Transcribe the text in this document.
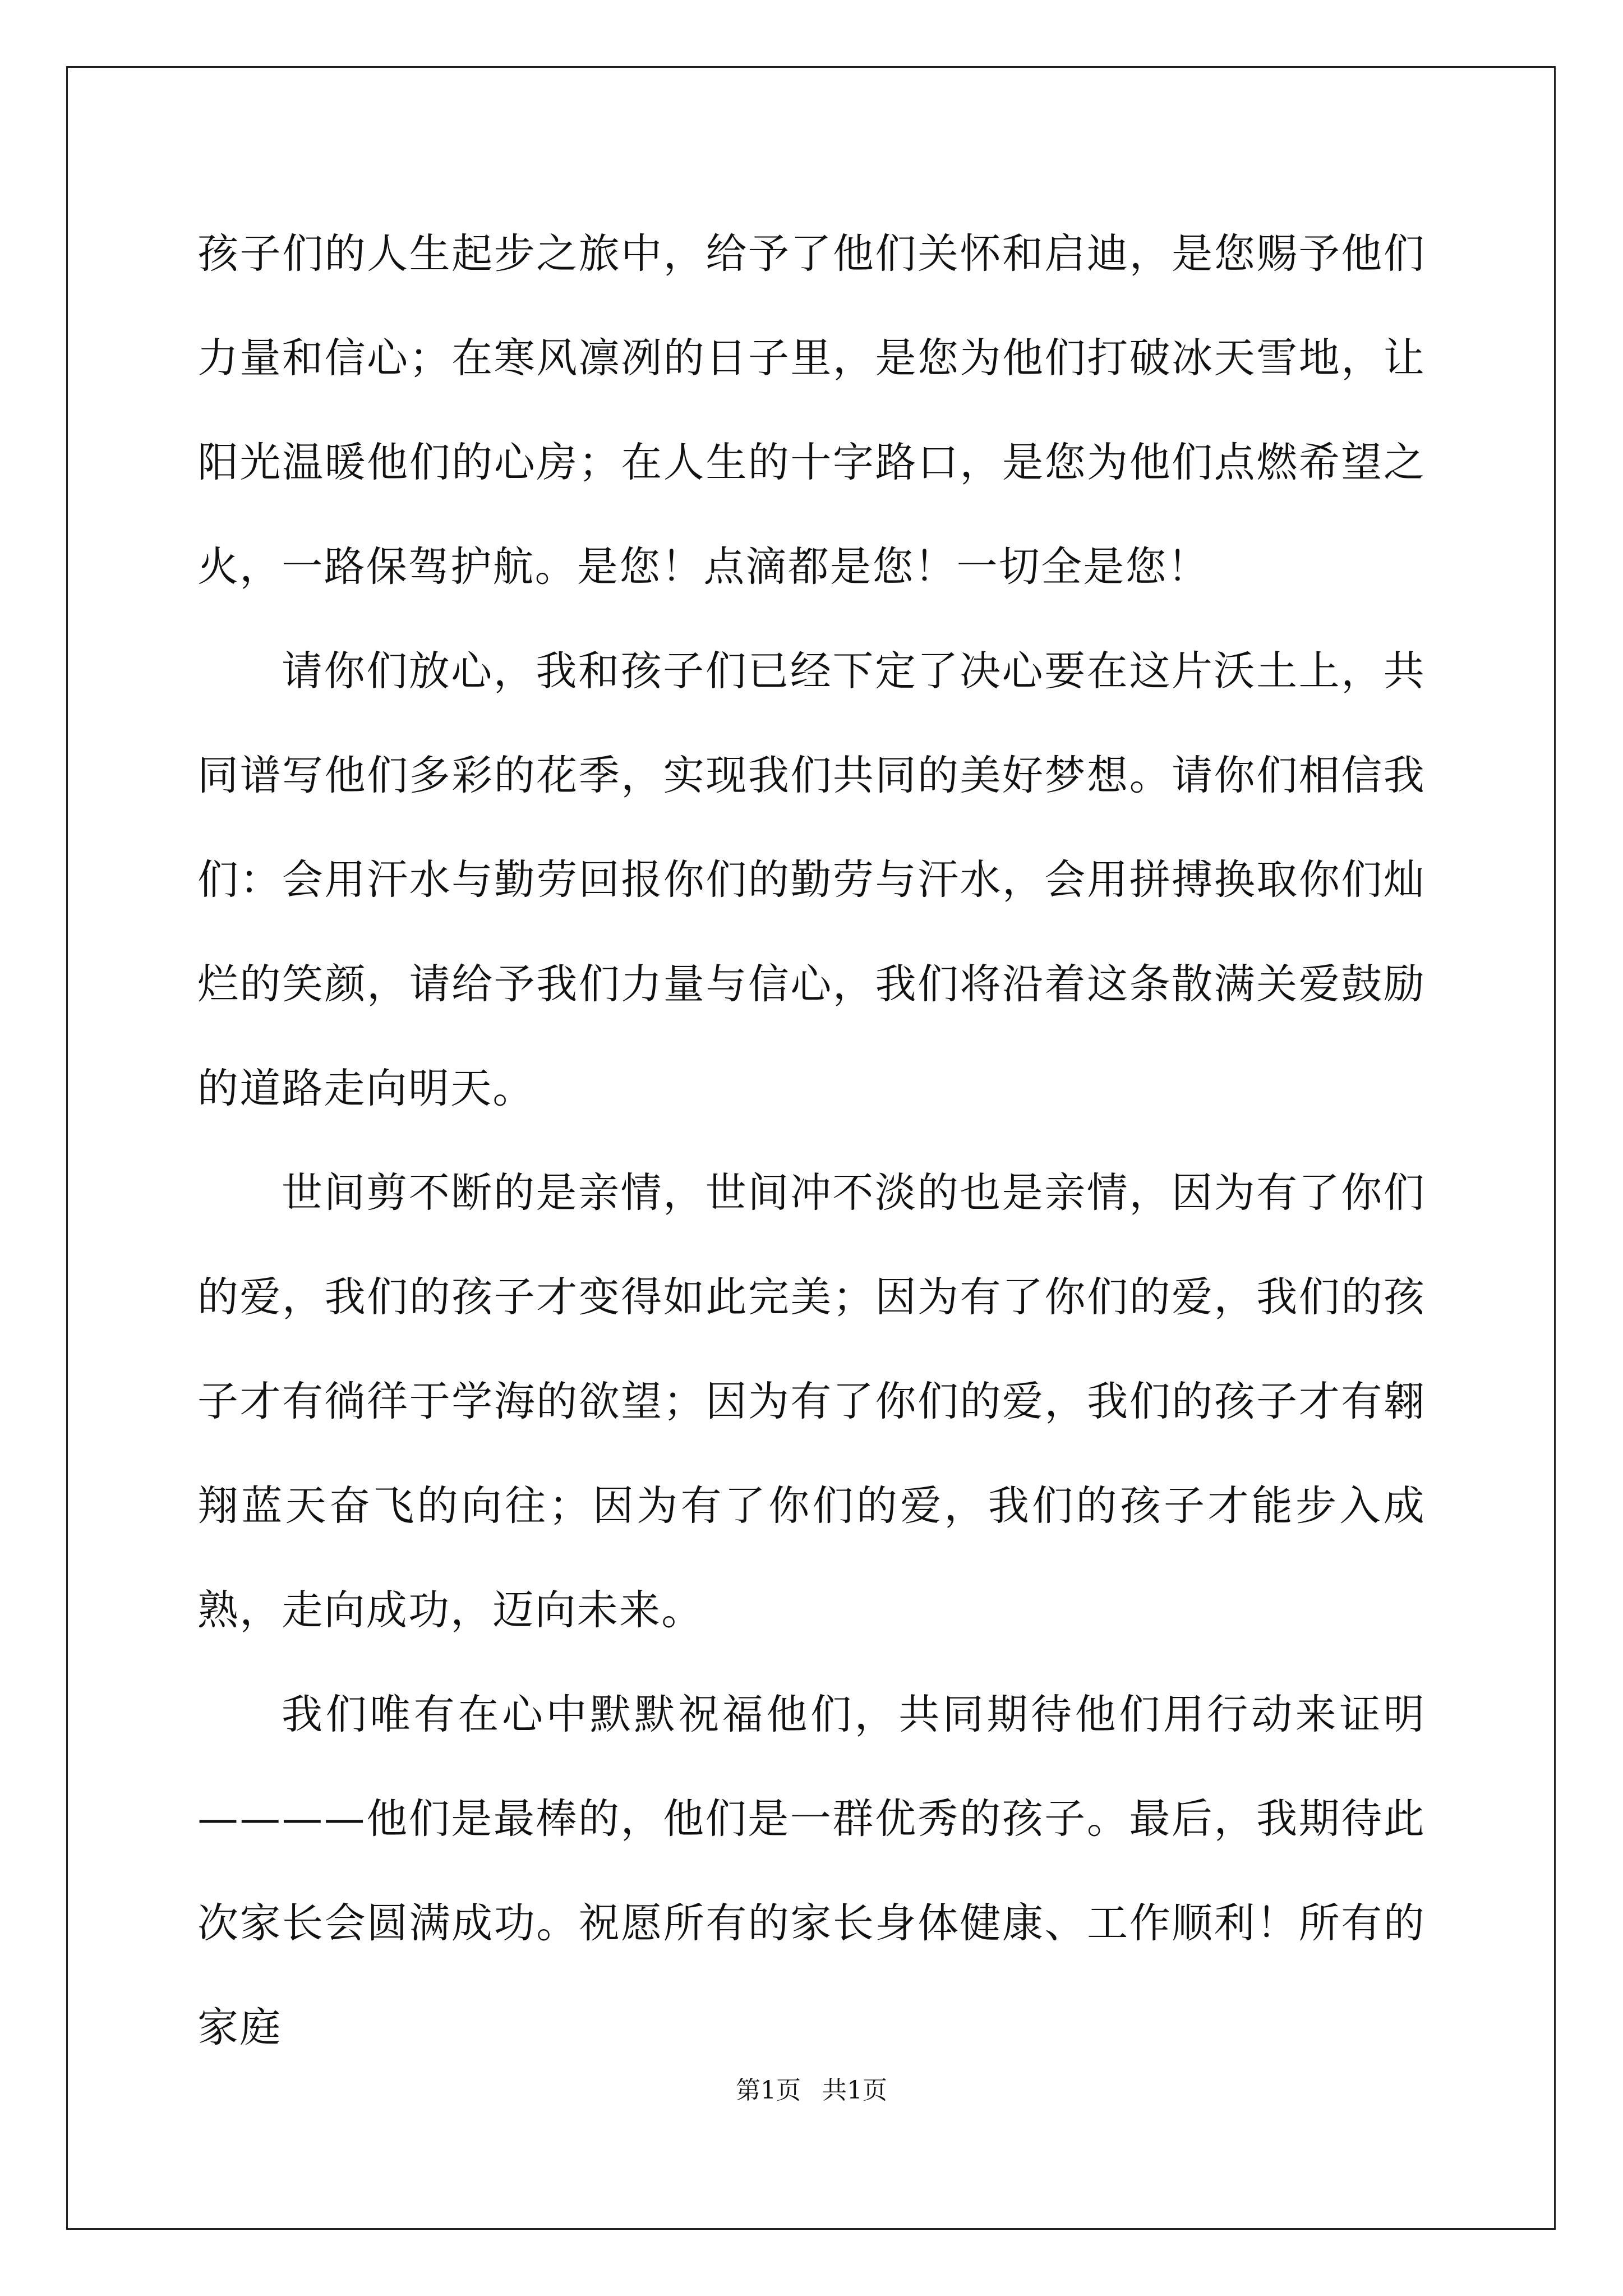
孩子们的人生起步之旅中，给予了他们关怀和启迪，是您赐予他们力量和信心；在寒风凛冽的日子里，是您为他们打破冰天雪地，让阳光温暖他们的心房；在人生的十字路口，是您为他们点燃希望之火，一路保驾护航。是您！点滴都是您！一切全是您！

请你们放心，我和孩子们已经下定了决心要在这片沃土上，共同谱写他们多彩的花季，实现我们共同的美好梦想。请你们相信我们：会用汗水与勤劳回报你们的勤劳与汗水，会用拼搏换取你们灿烂的笑颜，请给予我们力量与信心，我们将沿着这条散满关爱鼓励的道路走向明天。

世间剪不断的是亲情，世间冲不淡的也是亲情，因为有了你们的爱，我们的孩子才变得如此完美；因为有了你们的爱，我们的孩子才有徜徉于学海的欲望；因为有了你们的爱，我们的孩子才有翱翔蓝天奋飞的向往；因为有了你们的爱，我们的孩子才能步入成熟，走向成功，迈向未来。

我们唯有在心中默默祝福他们，共同期待他们用行动来证明————他们是最棒的，他们是一群优秀的孩子。最后，我期待此次家长会圆满成功。祝愿所有的家长身体健康、工作顺利！所有的家庭

第1页 共1页
